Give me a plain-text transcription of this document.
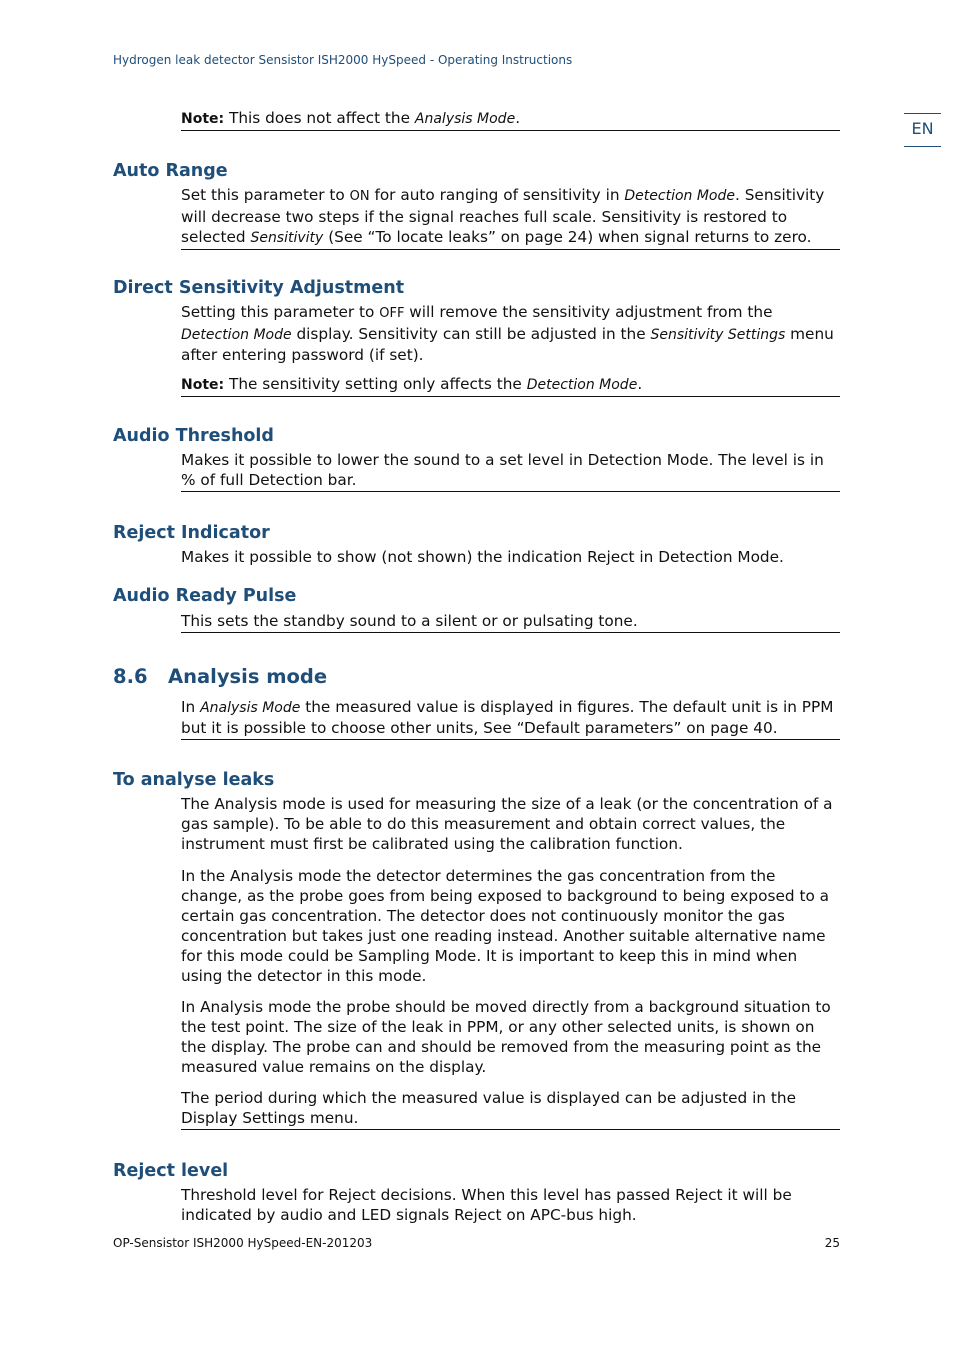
Hydrogen leak detector Sensistor ISH2000 HySpeed - Operating Instructions
EN

Note: This does not affect the Analysis Mode.

Auto Range

Set this parameter to ON for auto ranging of sensitivity in Detection Mode. Sensitivity will decrease two steps if the signal reaches full scale. Sensitivity is restored to selected Sensitivity (See “To locate leaks” on page 24) when signal returns to zero.

Direct Sensitivity Adjustment

Setting this parameter to OFF will remove the sensitivity adjustment from the Detection Mode display. Sensitivity can still be adjusted in the Sensitivity Settings menu after entering password (if set).

Note: The sensitivity setting only affects the Detection Mode.

Audio Threshold

Makes it possible to lower the sound to a set level in Detection Mode. The level is in % of full Detection bar.

Reject Indicator

Makes it possible to show (not shown) the indication Reject in Detection Mode.

Audio Ready Pulse

This sets the standby sound to a silent or or pulsating tone.

8.6 Analysis mode

In Analysis Mode the measured value is displayed in figures. The default unit is in PPM but it is possible to choose other units, See “Default parameters” on page 40.

To analyse leaks

The Analysis mode is used for measuring the size of a leak (or the concentration of a gas sample). To be able to do this measurement and obtain correct values, the instrument must first be calibrated using the calibration function.

In the Analysis mode the detector determines the gas concentration from the change, as the probe goes from being exposed to background to being exposed to a certain gas concentration. The detector does not continuously monitor the gas concentration but takes just one reading instead. Another suitable alternative name for this mode could be Sampling Mode. It is important to keep this in mind when using the detector in this mode.

In Analysis mode the probe should be moved directly from a background situation to the test point. The size of the leak in PPM, or any other selected units, is shown on the display. The probe can and should be removed from the measuring point as the measured value remains on the display.

The period during which the measured value is displayed can be adjusted in the Display Settings menu.

Reject level

Threshold level for Reject decisions. When this level has passed Reject it will be indicated by audio and LED signals Reject on APC-bus high.

OP-Sensistor ISH2000 HySpeed-EN-201203	25
